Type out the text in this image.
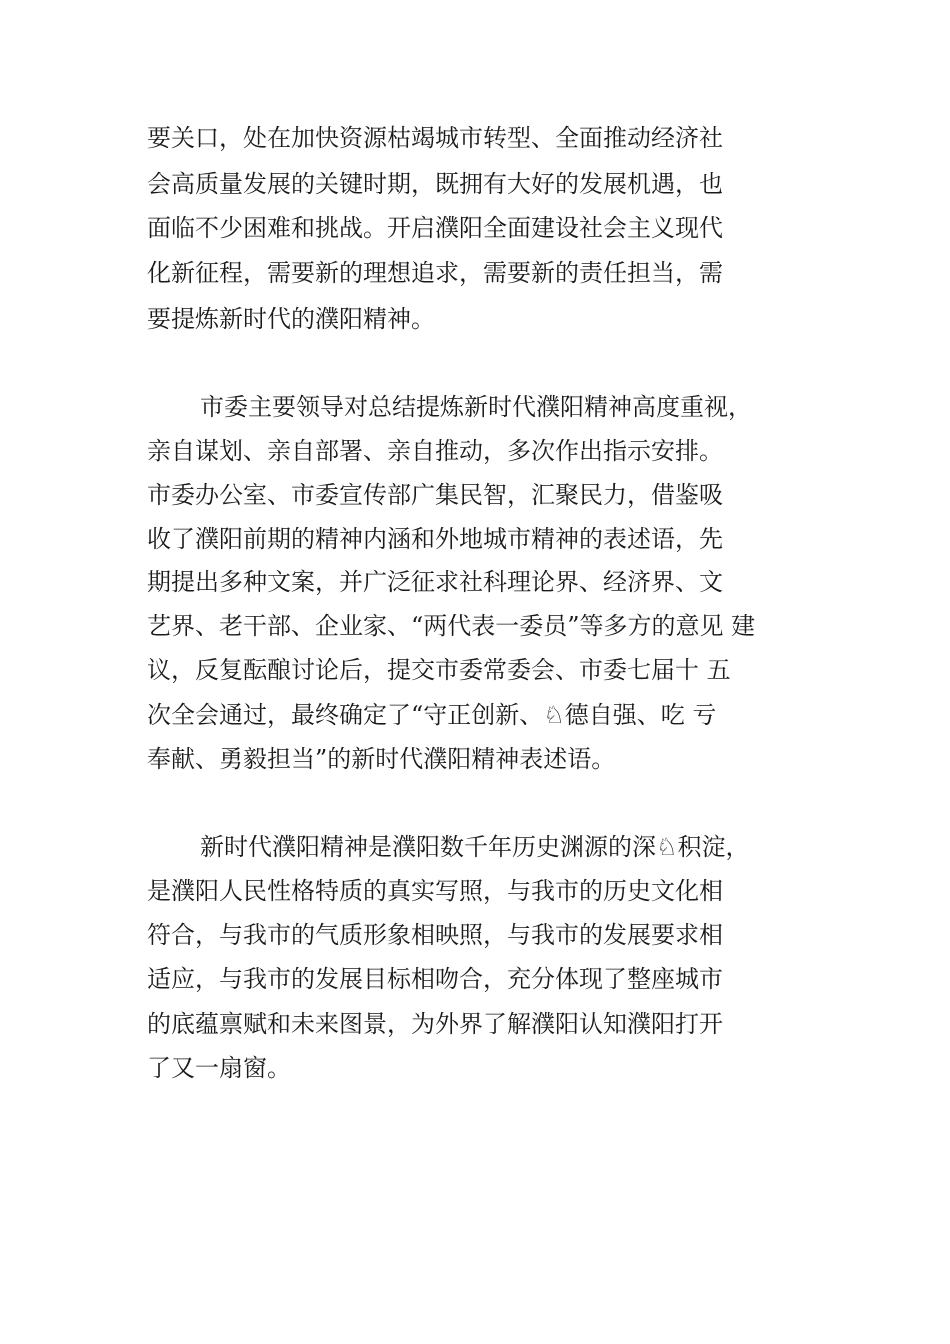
要关口，处在加快资源枯竭城市转型、全面推动经济社
会高质量发展的关键时期，既拥有大好的发展机遇，也
面临不少困难和挑战。开启濮阳全面建设社会主义现代
化新征程，需要新的理想追求，需要新的责任担当，需
要提炼新时代的濮阳精神。
市委主要领导对总结提炼新时代濮阳精神高度重视，
亲自谋划、亲自部署、亲自推动，多次作出指示安排。
市委办公室、市委宣传部广集民智，汇聚民力，借鉴吸
收了濮阳前期的精神内涵和外地城市精神的表述语，先
期提出多种文案，并广泛征求社科理论界、经济界、文
艺界、老干部、企业家、“两代表一委员”等多方的意见 建
议，反复酝酿讨论后，提交市委常委会、市委七届十 五
次全会通过，最终确定了“守正创新、♘德自强、吃 亏
奉献、勇毅担当”的新时代濮阳精神表述语。
新时代濮阳精神是濮阳数千年历史渊源的深♘积淀，
是濮阳人民性格特质的真实写照，与我市的历史文化相
符合，与我市的气质形象相映照，与我市的发展要求相
适应，与我市的发展目标相吻合，充分体现了整座城市
的底蕴禀赋和未来图景，为外界了解濮阳认知濮阳打开
了又一扇窗。
